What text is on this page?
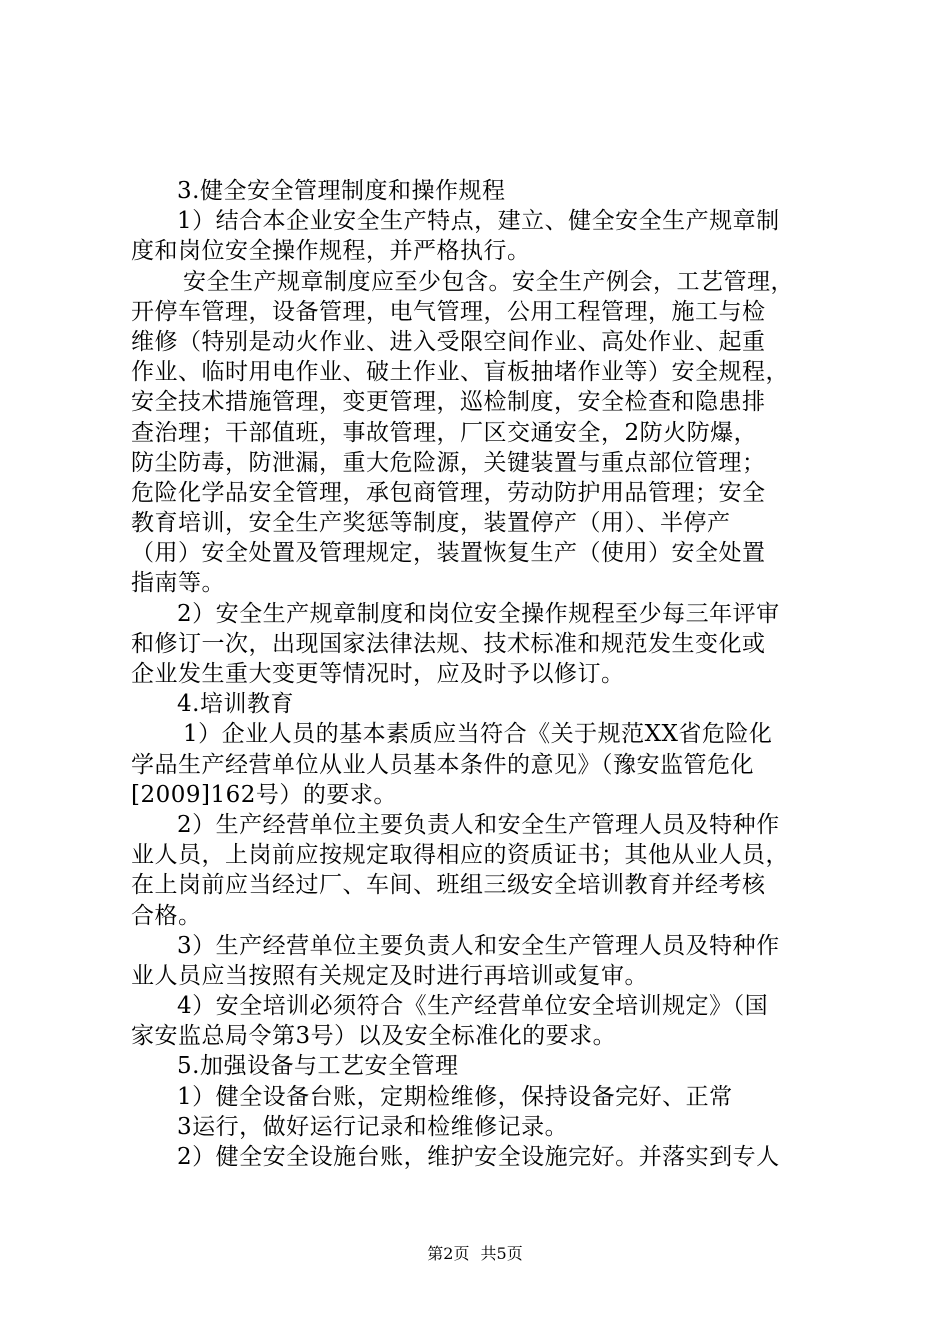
3.健全安全管理制度和操作规程
1）结合本企业安全生产特点，建立、健全安全生产规章制
度和岗位安全操作规程，并严格执行。
安全生产规章制度应至少包含。安全生产例会，工艺管理，
开停车管理，设备管理，电气管理，公用工程管理，施工与检
维修（特别是动火作业、进入受限空间作业、高处作业、起重
作业、临时用电作业、破土作业、盲板抽堵作业等）安全规程，
安全技术措施管理，变更管理，巡检制度，安全检查和隐患排
查治理；干部值班，事故管理，厂区交通安全，2防火防爆，
防尘防毒，防泄漏，重大危险源，关键装置与重点部位管理；
危险化学品安全管理，承包商管理，劳动防护用品管理；安全
教育培训，安全生产奖惩等制度，装置停产（用）、半停产
（用）安全处置及管理规定，装置恢复生产（使用）安全处置
指南等。
2）安全生产规章制度和岗位安全操作规程至少每三年评审
和修订一次，出现国家法律法规、技术标准和规范发生变化或
企业发生重大变更等情况时，应及时予以修订。
4.培训教育
1）企业人员的基本素质应当符合《关于规范XX省危险化
学品生产经营单位从业人员基本条件的意见》（豫安监管危化
[2009]162号）的要求。
2）生产经营单位主要负责人和安全生产管理人员及特种作
业人员，上岗前应按规定取得相应的资质证书；其他从业人员，
在上岗前应当经过厂、车间、班组三级安全培训教育并经考核
合格。
3）生产经营单位主要负责人和安全生产管理人员及特种作
业人员应当按照有关规定及时进行再培训或复审。
4）安全培训必须符合《生产经营单位安全培训规定》（国
家安监总局令第3号）以及安全标准化的要求。
5.加强设备与工艺安全管理
1）健全设备台账，定期检维修，保持设备完好、正常
3运行，做好运行记录和检维修记录。
2）健全安全设施台账，维护安全设施完好。并落实到专人
第2页 共5页
